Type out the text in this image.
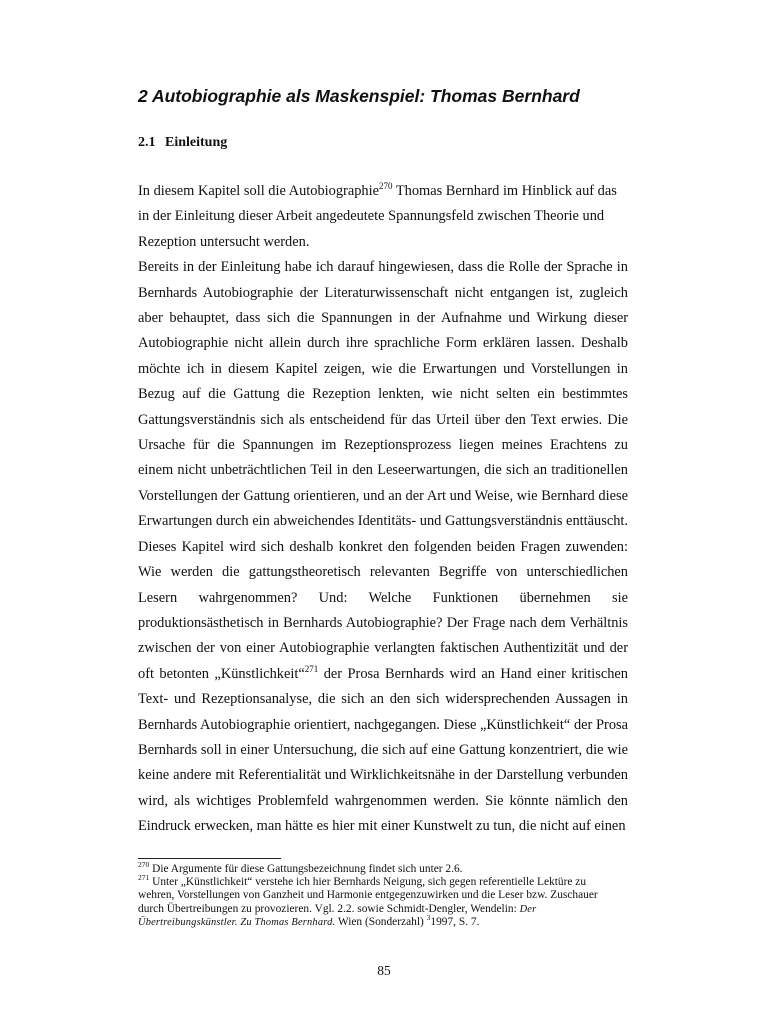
2 Autobiographie als Maskenspiel: Thomas Bernhard
2.1 Einleitung

In diesem Kapitel soll die Autobiographie$^{270}$ Thomas Bernhard im Hinblick auf das in der Einleitung dieser Arbeit angedeutete Spannungsfeld zwischen Theorie und Rezeption untersucht werden.

Bereits in der Einleitung habe ich darauf hingewiesen, dass die Rolle der Sprache in Bernhards Autobiographie der Literaturwissenschaft nicht entgangen ist, zugleich aber behauptet, dass sich die Spannungen in der Aufnahme und Wirkung dieser Autobiographie nicht allein durch ihre sprachliche Form erklären lassen. Deshalb möchte ich in diesem Kapitel zeigen, wie die Erwartungen und Vorstellungen in Bezug auf die Gattung die Rezeption lenkten, wie nicht selten ein bestimmtes Gattungsverständnis sich als entscheidend für das Urteil über den Text erwies. Die Ursache für die Spannungen im Rezeptionsprozess liegen meines Erachtens zu einem nicht unbeträchtlichen Teil in den Leseerwartungen, die sich an traditionellen Vorstellungen der Gattung orientieren, und an der Art und Weise, wie Bernhard diese Erwartungen durch ein abweichendes Identitäts- und Gattungsverständnis enttäuscht. Dieses Kapitel wird sich deshalb konkret den folgenden beiden Fragen zuwenden: Wie werden die gattungstheoretisch relevanten Begriffe von unterschiedlichen Lesern wahrgenommen? Und: Welche Funktionen übernehmen sie produktionsästhetisch in Bernhards Autobiographie? Der Frage nach dem Verhältnis zwischen der von einer Autobiographie verlangten faktischen Authentizität und der oft betonten „Künstlichkeit“$^{271}$ der Prosa Bernhards wird an Hand einer kritischen Text- und Rezeptionsanalyse, die sich an den sich widersprechenden Aussagen in Bernhards Autobiographie orientiert, nachgegangen. Diese „Künstlichkeit“ der Prosa Bernhards soll in einer Untersuchung, die sich auf eine Gattung konzentriert, die wie keine andere mit Referentialität und Wirklichkeitsnähe in der Darstellung verbunden wird, als wichtiges Problemfeld wahrgenommen werden. Sie könnte nämlich den Eindruck erwecken, man hätte es hier mit einer Kunstwelt zu tun, die nicht auf einen

$^{270}$ Die Argumente für diese Gattungsbezeichnung findet sich unter 2.6.

$^{271}$ Unter „Künstlichkeit“ verstehe ich hier Bernhards Neigung, sich gegen referentielle Lektüre zu wehren, Vorstellungen von Ganzheit und Harmonie entgegenzuwirken und die Leser bzw. Zuschauer durch Übertreibungen zu provozieren. Vgl. 2.2. sowie Schmidt-Dengler, Wendelin: Der Übertreibungskünstler. Zu Thomas Bernhard. Wien (Sonderzahl) $^3$1997, S. 7.

85
